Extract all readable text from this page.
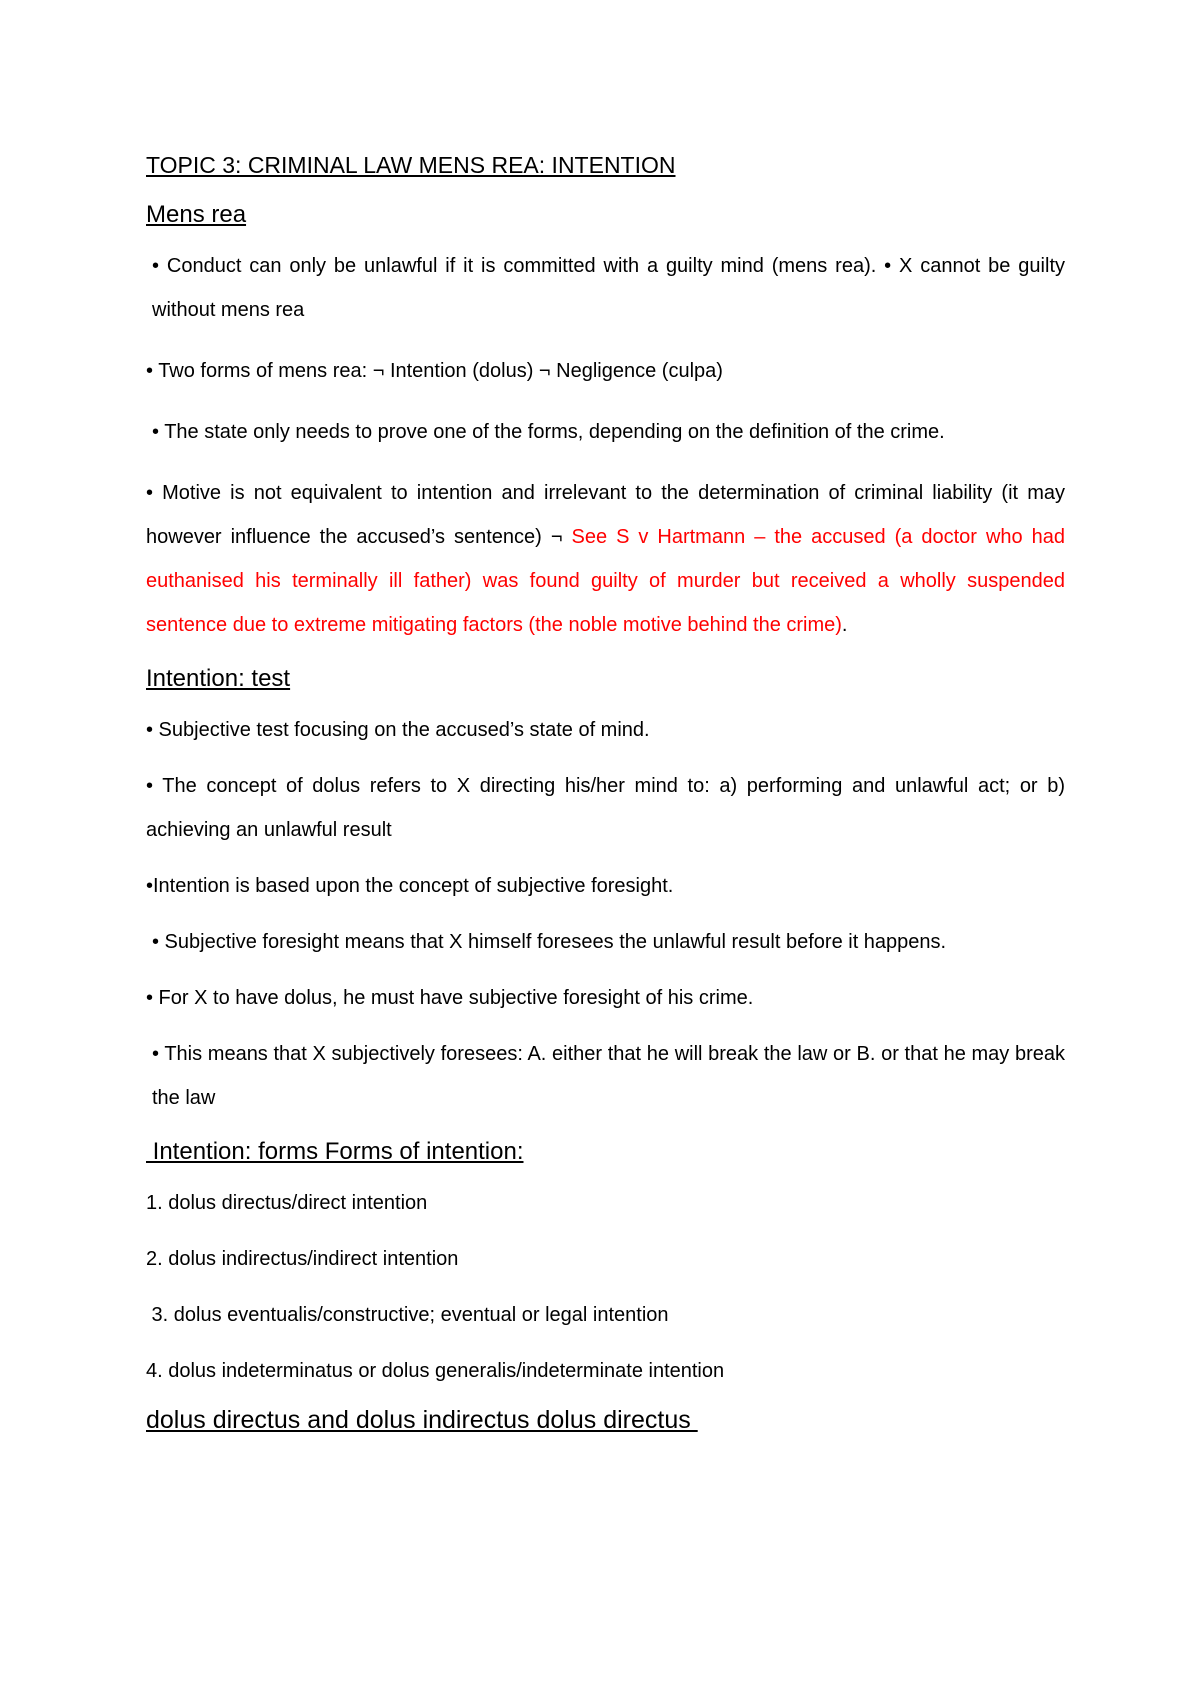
TOPIC 3: CRIMINAL LAW MENS REA: INTENTION
Mens rea

• Conduct can only be unlawful if it is committed with a guilty mind (mens rea). • X cannot be guilty without mens rea

• Two forms of mens rea: ¬ Intention (dolus) ¬ Negligence (culpa)

• The state only needs to prove one of the forms, depending on the definition of the crime.

• Motive is not equivalent to intention and irrelevant to the determination of criminal liability (it may however influence the accused’s sentence) ¬ See S v Hartmann – the accused (a doctor who had euthanised his terminally ill father) was found guilty of murder but received a wholly suspended sentence due to extreme mitigating factors (the noble motive behind the crime).

Intention: test

• Subjective test focusing on the accused’s state of mind.

• The concept of dolus refers to X directing his/her mind to: a) performing and unlawful act; or b) achieving an unlawful result

•Intention is based upon the concept of subjective foresight.

• Subjective foresight means that X himself foresees the unlawful result before it happens.

• For X to have dolus, he must have subjective foresight of his crime.

• This means that X subjectively foresees: A. either that he will break the law or B. or that he may break the law

Intention: forms Forms of intention:

1. dolus directus/direct intention

2. dolus indirectus/indirect intention

3. dolus eventualis/constructive; eventual or legal intention

4. dolus indeterminatus or dolus generalis/indeterminate intention

dolus directus and dolus indirectus dolus directus
